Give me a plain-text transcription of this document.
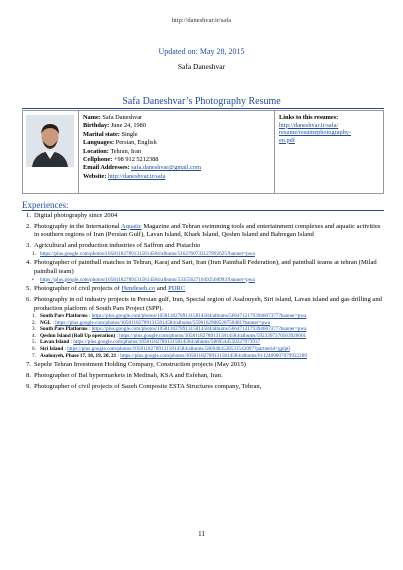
http://daneshvar.ir/safa
Updated on: May 28, 2015
Safa Daneshvar
Safa Daneshvar’s Photography Resume
Name: Safa Daneshvar
Birthday: June 24, 1980
Marital state: Single
Languages: Persian, English
Location: Tehran, Iran
Cellphone: +98 912 5212388
Email Addresses: safa.daneshvar@gmail.com
Website: http://daneshvar.ir/safa
Links to this resumes:
http://daneshvar.ir/safa/
resume/resumephotography-
en.pdf
Experiences:
1. Digital photography since 2004
2. Photography in the International Aquatic Magazine and Tehran swimming tools and entertainment complexes and aquatic activities in southern regions of Iran (Persian Gulf), Lavan Island, Khark Island, Qeshm Island and Bahregan Island
3. Agricultural and production industries of Saffron and Pistachio
1. https://plus.google.com/photos/105811827891315814584/albums/5162760733127892625?banner=pwa
4. Photographer of paintball matches in Tehran, Karaj and Sari, Iran (Iran Paintball Federation), and paintball teams at tehran (Milad paintball team)
•	https://plus.google.com/photos/105811827891315814584/albums/5335562710492568993?banner=pwa
5. Photographer of civil projects of Hendeseh.co and PDRC
6. Photography in oil industry projects in Persian gulf, Iran, Special region of Asalouyeh, Siri island, Lavan island and gas drilling and production platform of South Pars Project (SPP).
1. South Pars Platforms : https://plus.google.com/photos/105811827891315814584/albums/5664712179394607377?banner=pwa
2. NGL : https://plus.google.com/photos/105811827891315814584/albums/5596162908528750481?banner=pwa
3. South Pars Platforms : https://plus.google.com/photos/105811827891315814584/albums/5664712179394607377?banner=pwa
4. Qeshm Island (Roll Up operation) : https://plus.google.com/photos/105811827891315814584/albums/5923397370563920001
5. Lavan Island : https://plus.google.com/photos/105811827891315814584/albums/5869544550227973937
6. Siri Island : https://plus.google.com/photos/105811827891315814584/albums/5869404528531542097?partnerid=gplp0
7. Asalouyeh, Phase 17, 18, 19, 20, 21 : https://plus.google.com/photos/105811827891315814584/albums/6112409607079922209
7. Sepehr Tehran Investment Holding Company, Construction projects (May 2015)
8. Photographer of Bal hypermarkets in Medinah, KSA and Esfehan, Iran.
9. Photographer of civil projects of Sazeh Composite ESTA Structures company, Tehran,
11
